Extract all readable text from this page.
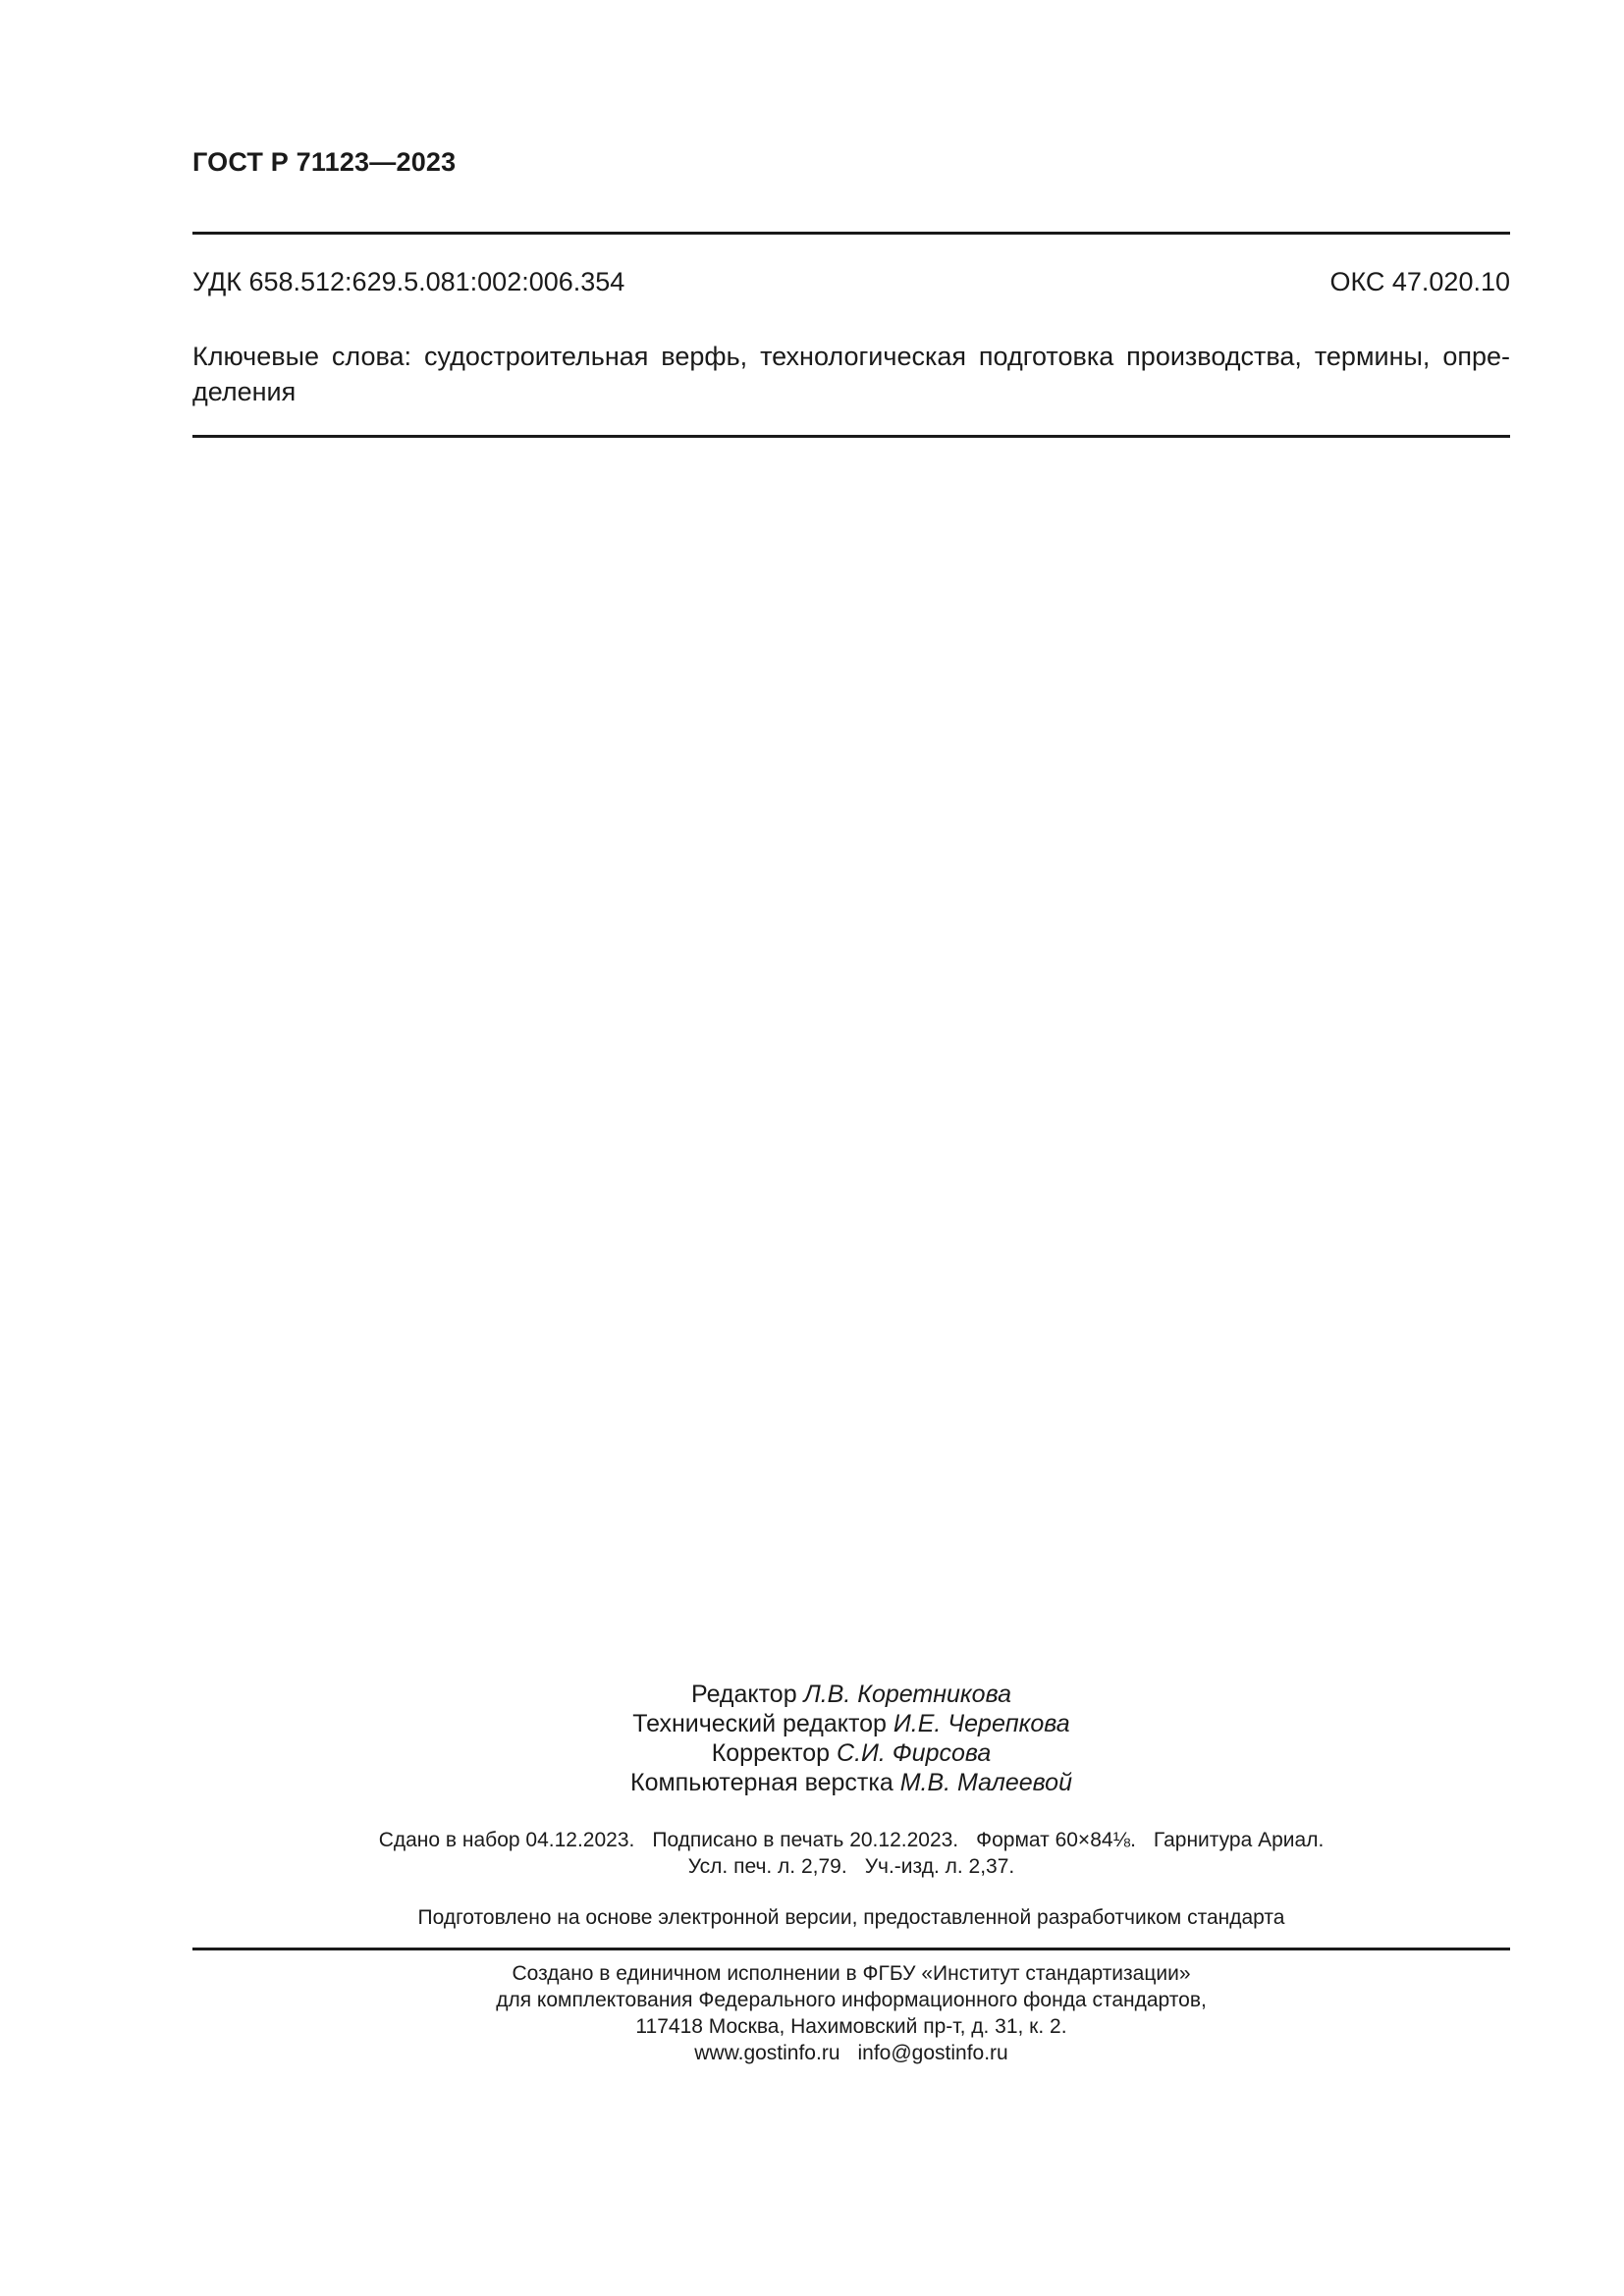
ГОСТ Р 71123—2023
УДК 658.512:629.5.081:002:006.354	ОКС 47.020.10
Ключевые слова: судостроительная верфь, технологическая подготовка производства, термины, опре-
деления
Редактор Л.В. Коретникова
Технический редактор И.Е. Черепкова
Корректор С.И. Фирсова
Компьютерная верстка М.В. Малеевой
Сдано в набор 04.12.2023. Подписано в печать 20.12.2023. Формат 60×84⅛. Гарнитура Ариал.
Усл. печ. л. 2,79. Уч.-изд. л. 2,37.
Подготовлено на основе электронной версии, предоставленной разработчиком стандарта
Создано в единичном исполнении в ФГБУ «Институт стандартизации»
для комплектования Федерального информационного фонда стандартов,
117418 Москва, Нахимовский пр-т, д. 31, к. 2.
www.gostinfo.ru info@gostinfo.ru
